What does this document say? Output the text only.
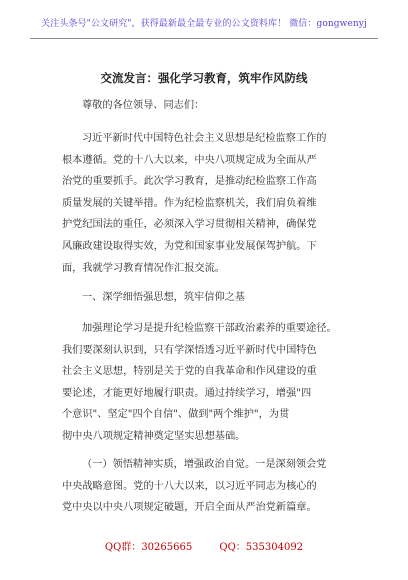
关注头条号"公文研究"，获得最新最全最专业的公文资料库！ 微信：gongwenyj
交流发言：强化学习教育，筑牢作风防线
尊敬的各位领导、同志们：
习近平新时代中国特色社会主义思想是纪检监察工作的
根本遵循。党的十八大以来，中央八项规定成为全面从严
治党的重要抓手。此次学习教育，是推动纪检监察工作高
质量发展的关键举措。作为纪检监察机关，我们肩负着维
护党纪国法的重任，必须深入学习贯彻相关精神，确保党
风廉政建设取得实效，为党和国家事业发展保驾护航。下
面，我就学习教育情况作汇报交流。
一、深学细悟强思想，筑牢信仰之基
加强理论学习是提升纪检监察干部政治素养的重要途径。
我们要深刻认识到，只有学深悟透习近平新时代中国特色
社会主义思想，特别是关于党的自我革命和作风建设的重
要论述，才能更好地履行职责。通过持续学习，增强"四
个意识"、坚定"四个自信"、做到"两个维护"，为贯
彻中央八项规定精神奠定坚实思想基础。
（一）领悟精神实质，增强政治自觉。一是深刻领会党
中央战略意图。党的十八大以来，以习近平同志为核心的
党中央以中央八项规定破题，开启全面从严治党新篇章。
QQ群：30265665	QQ：535304092
